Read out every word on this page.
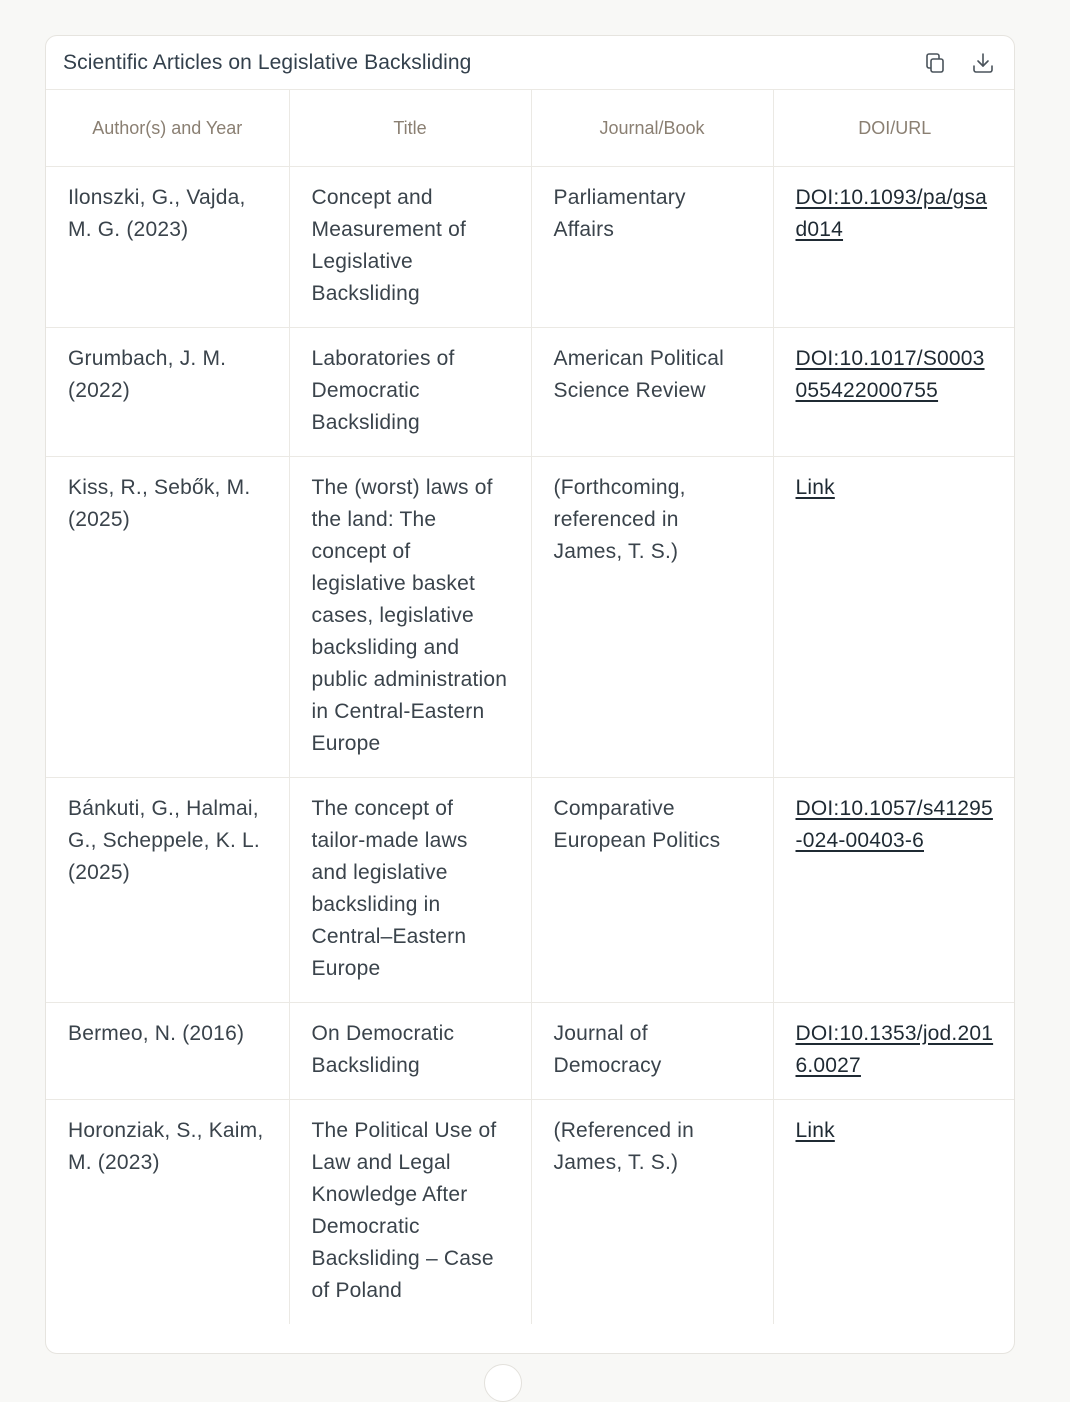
Scientific Articles on Legislative Backsliding
Author(s) and Year	Title	Journal/Book	DOI/URL
Ilonszki, G., Vajda, M. G. (2023)	Concept and Measurement of Legislative Backsliding	Parliamentary Affairs	DOI:10.1093/pa/gsad014
Grumbach, J. M. (2022)	Laboratories of Democratic Backsliding	American Political Science Review	DOI:10.1017/S0003055422000755
Kiss, R., Sebők, M. (2025)	The (worst) laws of the land: The concept of legislative basket cases, legislative backsliding and public administration in Central-Eastern Europe	(Forthcoming, referenced in James, T. S.)	Link
Bánkuti, G., Halmai, G., Scheppele, K. L. (2025)	The concept of tailor-made laws and legislative backsliding in Central–Eastern Europe	Comparative European Politics	DOI:10.1057/s41295-024-00403-6
Bermeo, N. (2016)	On Democratic Backsliding	Journal of Democracy	DOI:10.1353/jod.2016.0027
Horonziak, S., Kaim, M. (2023)	The Political Use of Law and Legal Knowledge After Democratic Backsliding – Case of Poland	(Referenced in James, T. S.)	Link
